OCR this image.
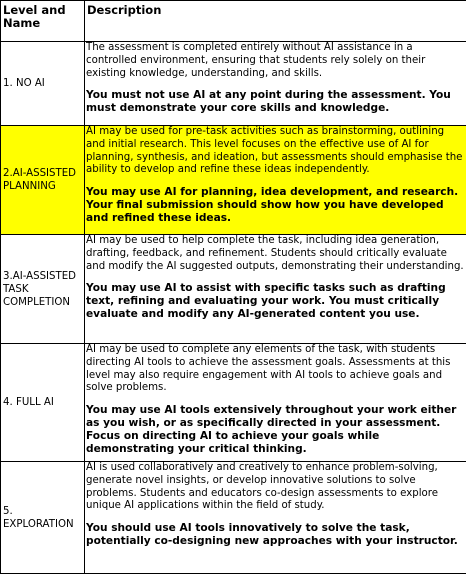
Level and Name	Description
1. NO AI	The assessment is completed entirely without AI assistance in a controlled environment, ensuring that students rely solely on their existing knowledge, understanding, and skills.

You must not use AI at any point during the assessment. You must demonstrate your core skills and knowledge.

2.AI-ASSISTED PLANNING	AI may be used for pre-task activities such as brainstorming, outlining and initial research. This level focuses on the effective use of AI for planning, synthesis, and ideation, but assessments should emphasise the ability to develop and refine these ideas independently.

You may use AI for planning, idea development, and research. Your final submission should show how you have developed and refined these ideas.

3.AI-ASSISTED TASK COMPLETION	AI may be used to help complete the task, including idea generation, drafting, feedback, and refinement. Students should critically evaluate and modify the AI suggested outputs, demonstrating their understanding.

You may use AI to assist with specific tasks such as drafting text, refining and evaluating your work. You must critically evaluate and modify any AI-generated content you use.

4. FULL AI	AI may be used to complete any elements of the task, with students directing AI tools to achieve the assessment goals. Assessments at this level may also require engagement with AI tools to achieve goals and solve problems.

You may use AI tools extensively throughout your work either as you wish, or as specifically directed in your assessment. Focus on directing AI to achieve your goals while demonstrating your critical thinking.

5. EXPLORATION	AI is used collaboratively and creatively to enhance problem-solving, generate novel insights, or develop innovative solutions to solve problems. Students and educators co-design assessments to explore unique AI applications within the field of study.

You should use AI tools innovatively to solve the task, potentially co-designing new approaches with your instructor.
